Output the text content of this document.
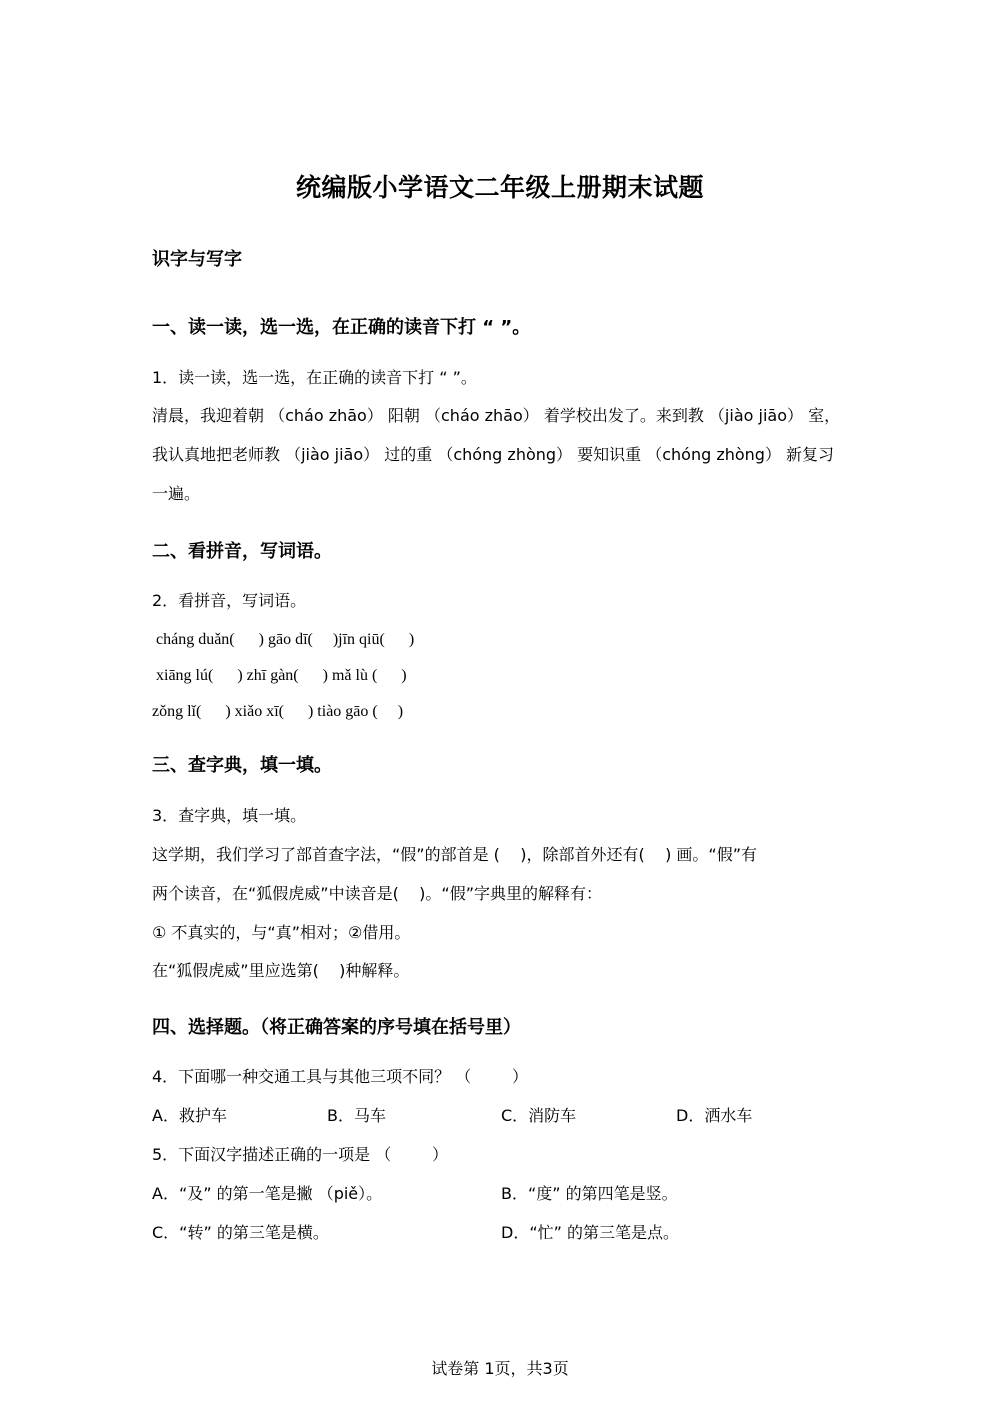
统编版小学语文二年级上册期末试题
识字与写字
一、读一读，选一选，在正确的读音下打 “ ”。
1．读一读，选一选，在正确的读音下打 “ ”。
清晨，我迎着朝 （cháo zhāo） 阳朝 （cháo zhāo） 着学校出发了。来到教 （jiào jiāo） 室，
我认真地把老师教 （jiào jiāo） 过的重 （chóng zhòng） 要知识重 （chóng zhòng） 新复习
一遍。
二、看拼音，写词语。
2．看拼音，写词语。
cháng duǎn(      ) gāo dī(     )jīn qiū(      )
xiāng lú(      ) zhī gàn(      ) mǎ lù (      )
zǒng lǐ(      ) xiǎo xī(      ) tiào gāo (     )
三、查字典，填一填。
3．查字典，填一填。
这学期，我们学习了部首查字法，“假”的部首是 (    )，除部首外还有(    ) 画。“假”有
两个读音，在“狐假虎威”中读音是(    )。“假”字典里的解释有：
① 不真实的，与“真”相对；②借用。
在“狐假虎威”里应选第(    )种解释。
四、选择题。（将正确答案的序号填在括号里）
4．下面哪一种交通工具与其他三项不同？ （        ）
A．救护车	B．马车	C．消防车	D．洒水车
5．下面汉字描述正确的一项是 （        ）
A．“及” 的第一笔是撇 （piě）。	B．“度” 的第四笔是竖。
C．“转” 的第三笔是横。	D．“忙” 的第三笔是点。
试卷第 1页，共3页
